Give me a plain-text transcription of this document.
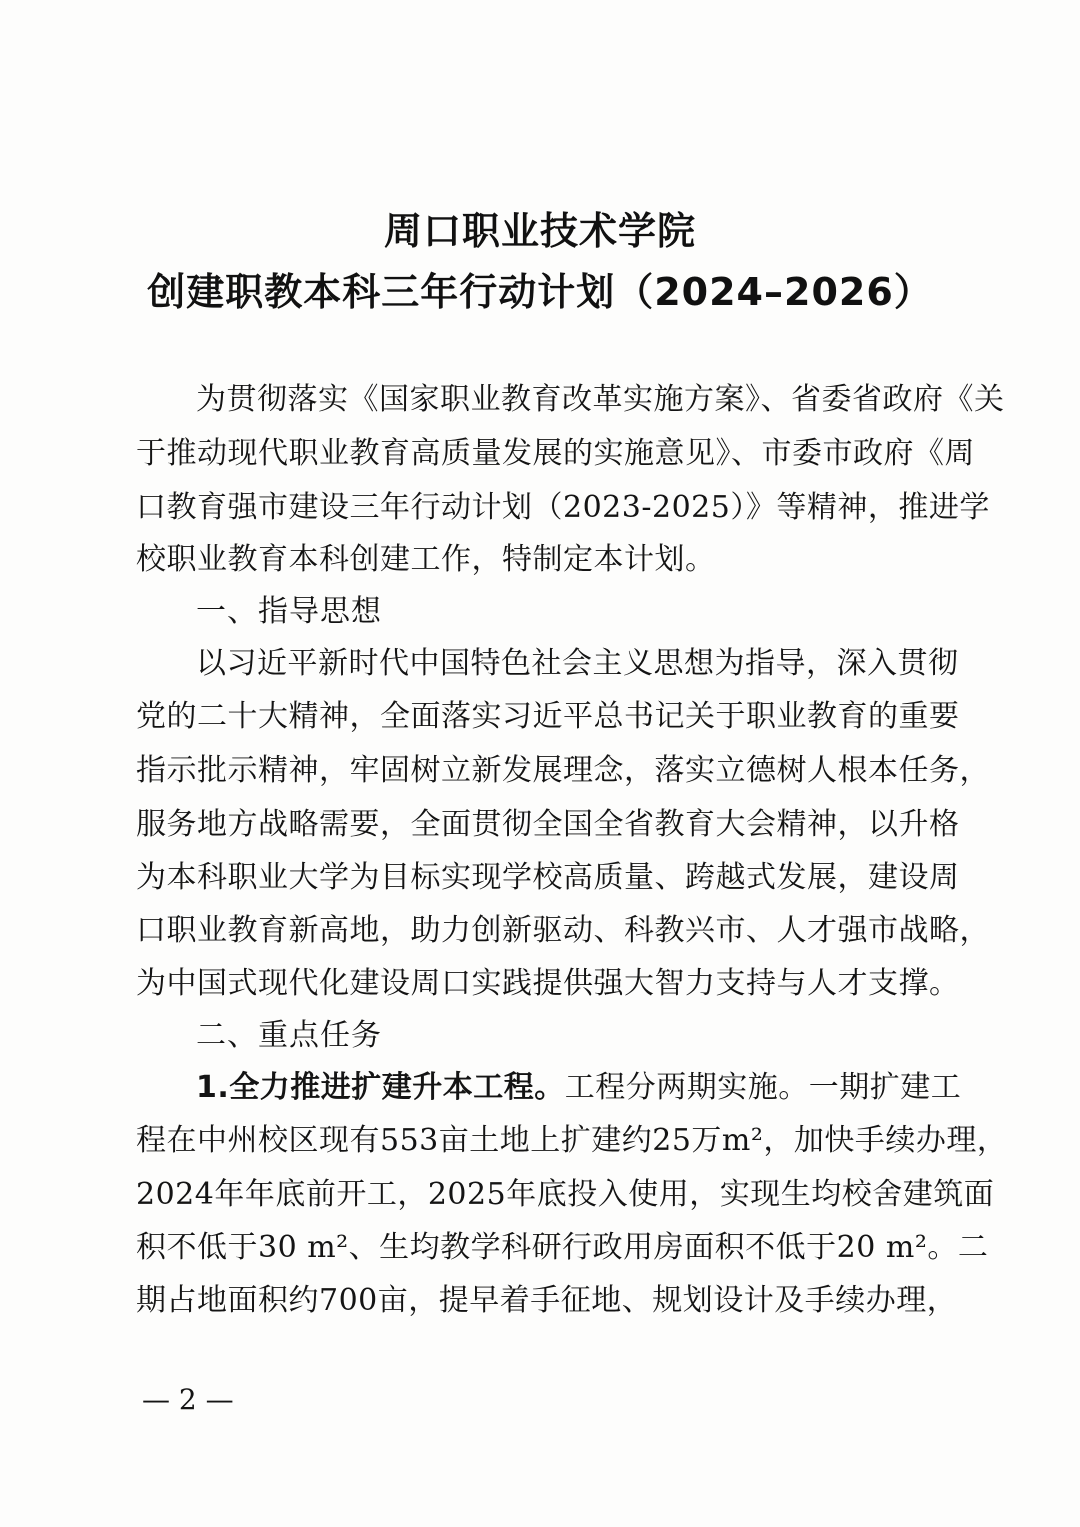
周口职业技术学院
创建职教本科三年行动计划（2024–2026）
为贯彻落实《国家职业教育改革实施方案》、省委省政府《关
于推动现代职业教育高质量发展的实施意见》、市委市政府《周
口教育强市建设三年行动计划（2023-2025）》等精神，推进学
校职业教育本科创建工作，特制定本计划。
一、指导思想
以习近平新时代中国特色社会主义思想为指导，深入贯彻
党的二十大精神，全面落实习近平总书记关于职业教育的重要
指示批示精神，牢固树立新发展理念，落实立德树人根本任务，
服务地方战略需要，全面贯彻全国全省教育大会精神，以升格
为本科职业大学为目标实现学校高质量、跨越式发展，建设周
口职业教育新高地，助力创新驱动、科教兴市、人才强市战略，
为中国式现代化建设周口实践提供强大智力支持与人才支撑。
二、重点任务
1.全力推进扩建升本工程。工程分两期实施。一期扩建工
程在中州校区现有553亩土地上扩建约25万m²，加快手续办理，
2024年年底前开工，2025年底投入使用，实现生均校舍建筑面
积不低于30 m²、生均教学科研行政用房面积不低于20 m²。二
期占地面积约700亩，提早着手征地、规划设计及手续办理，
— 2 —
